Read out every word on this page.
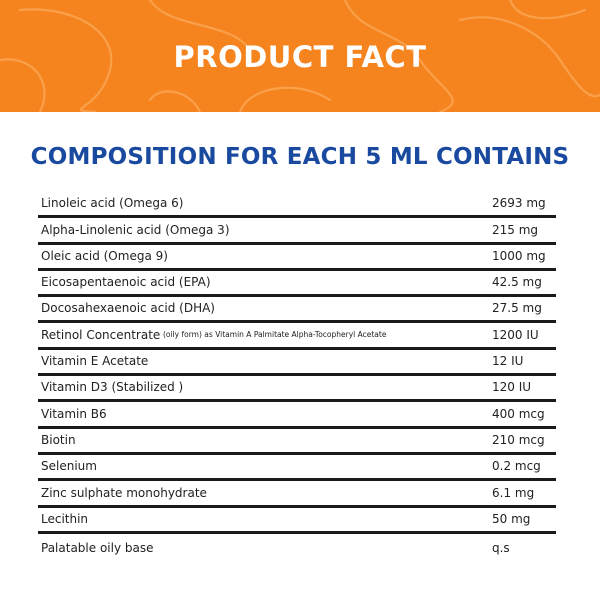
PRODUCT FACT
COMPOSITION FOR EACH 5 ML CONTAINS
Linoleic acid (Omega 6)	2693 mg
Alpha-Linolenic acid (Omega 3)	215 mg
Oleic acid (Omega 9)	1000 mg
Eicosapentaenoic acid (EPA)	42.5 mg
Docosahexaenoic acid (DHA)	27.5 mg
Retinol Concentrate (oily form) as Vitamin A Palmitate Alpha-Tocopheryl Acetate	1200 IU
Vitamin E Acetate	12 IU
Vitamin D3 (Stabilized )	120 IU
Vitamin B6	400 mcg
Biotin	210 mcg
Selenium	0.2 mcg
Zinc sulphate monohydrate	6.1 mg
Lecithin	50 mg
Palatable oily base	q.s
